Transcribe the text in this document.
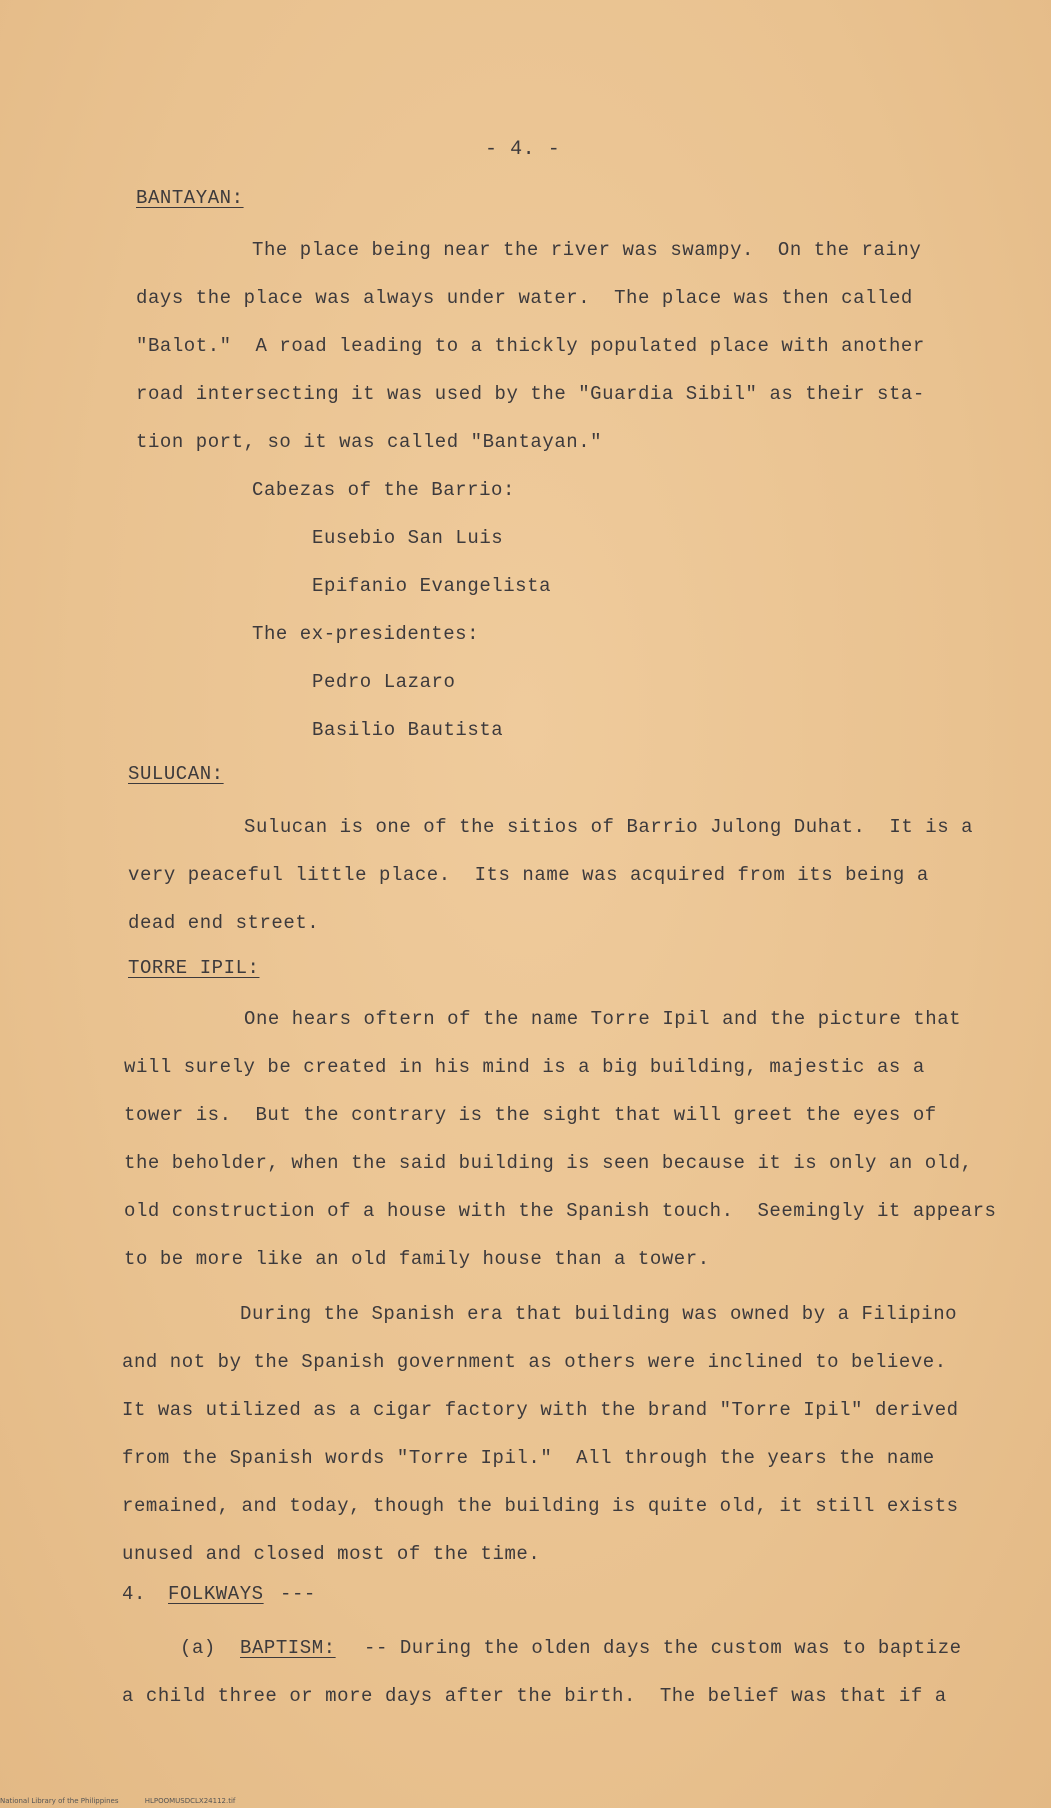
- 4. -
BANTAYAN:
The place being near the river was swampy.  On the rainy
days the place was always under water.  The place was then called
"Balot."  A road leading to a thickly populated place with another
road intersecting it was used by the "Guardia Sibil" as their sta-
tion port, so it was called "Bantayan."
Cabezas of the Barrio:
Eusebio San Luis
Epifanio Evangelista
The ex-presidentes:
Pedro Lazaro
Basilio Bautista
SULUCAN:
Sulucan is one of the sitios of Barrio Julong Duhat.  It is a
very peaceful little place.  Its name was acquired from its being a
dead end street.
TORRE IPIL:
One hears oftern of the name Torre Ipil and the picture that
will surely be created in his mind is a big building, majestic as a
tower is.  But the contrary is the sight that will greet the eyes of
the beholder, when the said building is seen because it is only an old,
old construction of a house with the Spanish touch.  Seemingly it appears
to be more like an old family house than a tower.
During the Spanish era that building was owned by a Filipino
and not by the Spanish government as others were inclined to believe.
It was utilized as a cigar factory with the brand "Torre Ipil" derived
from the Spanish words "Torre Ipil."  All through the years the name
remained, and today, though the building is quite old, it still exists
unused and closed most of the time.
4. FOLKWAYS ---
(a) BAPTISM: -- During the olden days the custom was to baptize
a child three or more days after the birth.  The belief was that if a
National Library of the Philippines	HLPOOMUSDCLX24112.tif
